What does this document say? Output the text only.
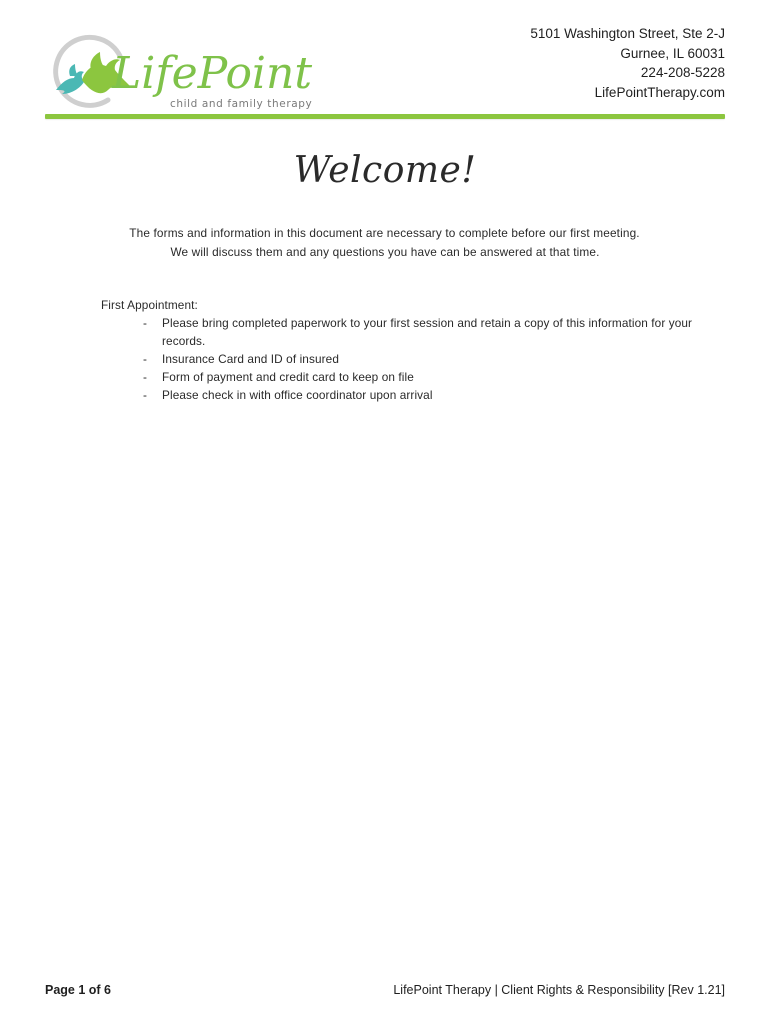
LifePoint
child and family therapy
5101 Washington Street, Ste 2-J
Gurnee, IL 60031
224-208-5228
LifePointTherapy.com
Welcome!
The forms and information in this document are necessary to complete before our first meeting.
We will discuss them and any questions you have can be answered at that time.
First Appointment:
- Please bring completed paperwork to your first session and retain a copy of this information for your records.
- Insurance Card and ID of insured
- Form of payment and credit card to keep on file
- Please check in with office coordinator upon arrival
Page 1 of 6	LifePoint Therapy | Client Rights & Responsibility [Rev 1.21]
